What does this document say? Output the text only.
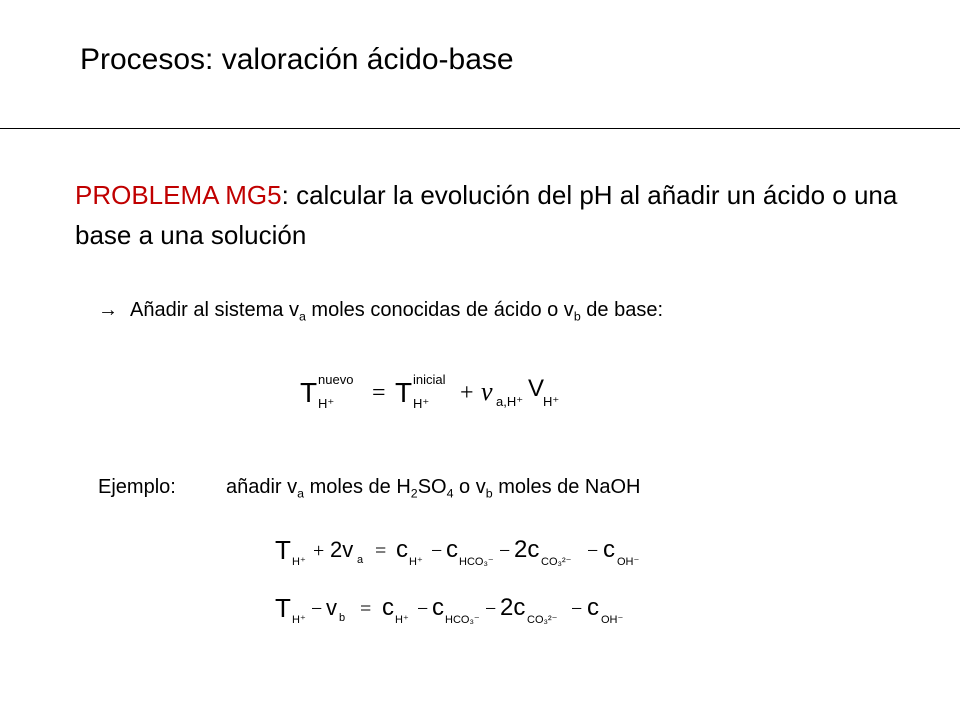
Procesos: valoración ácido-base
PROBLEMA MG5: calcular la evolución del pH al añadir un ácido o una base a una solución
→ Añadir al sistema $v_a$ moles conocidas de ácido o $v_b$ de base:
T nuevo
H⁺ = T inicial
H⁺ + ν a,H⁺ V
H⁺
Ejemplo:	añadir $v_a$ moles de $H_2SO_4$ o $v_b$ moles de NaOH
T H⁺ + 2v a = c H⁺ − c HCO₃⁻ − 2c CO₃²⁻ − c OH⁻
T H⁺ − v b = c H⁺ − c HCO₃⁻ − 2c CO₃²⁻ − c OH⁻
